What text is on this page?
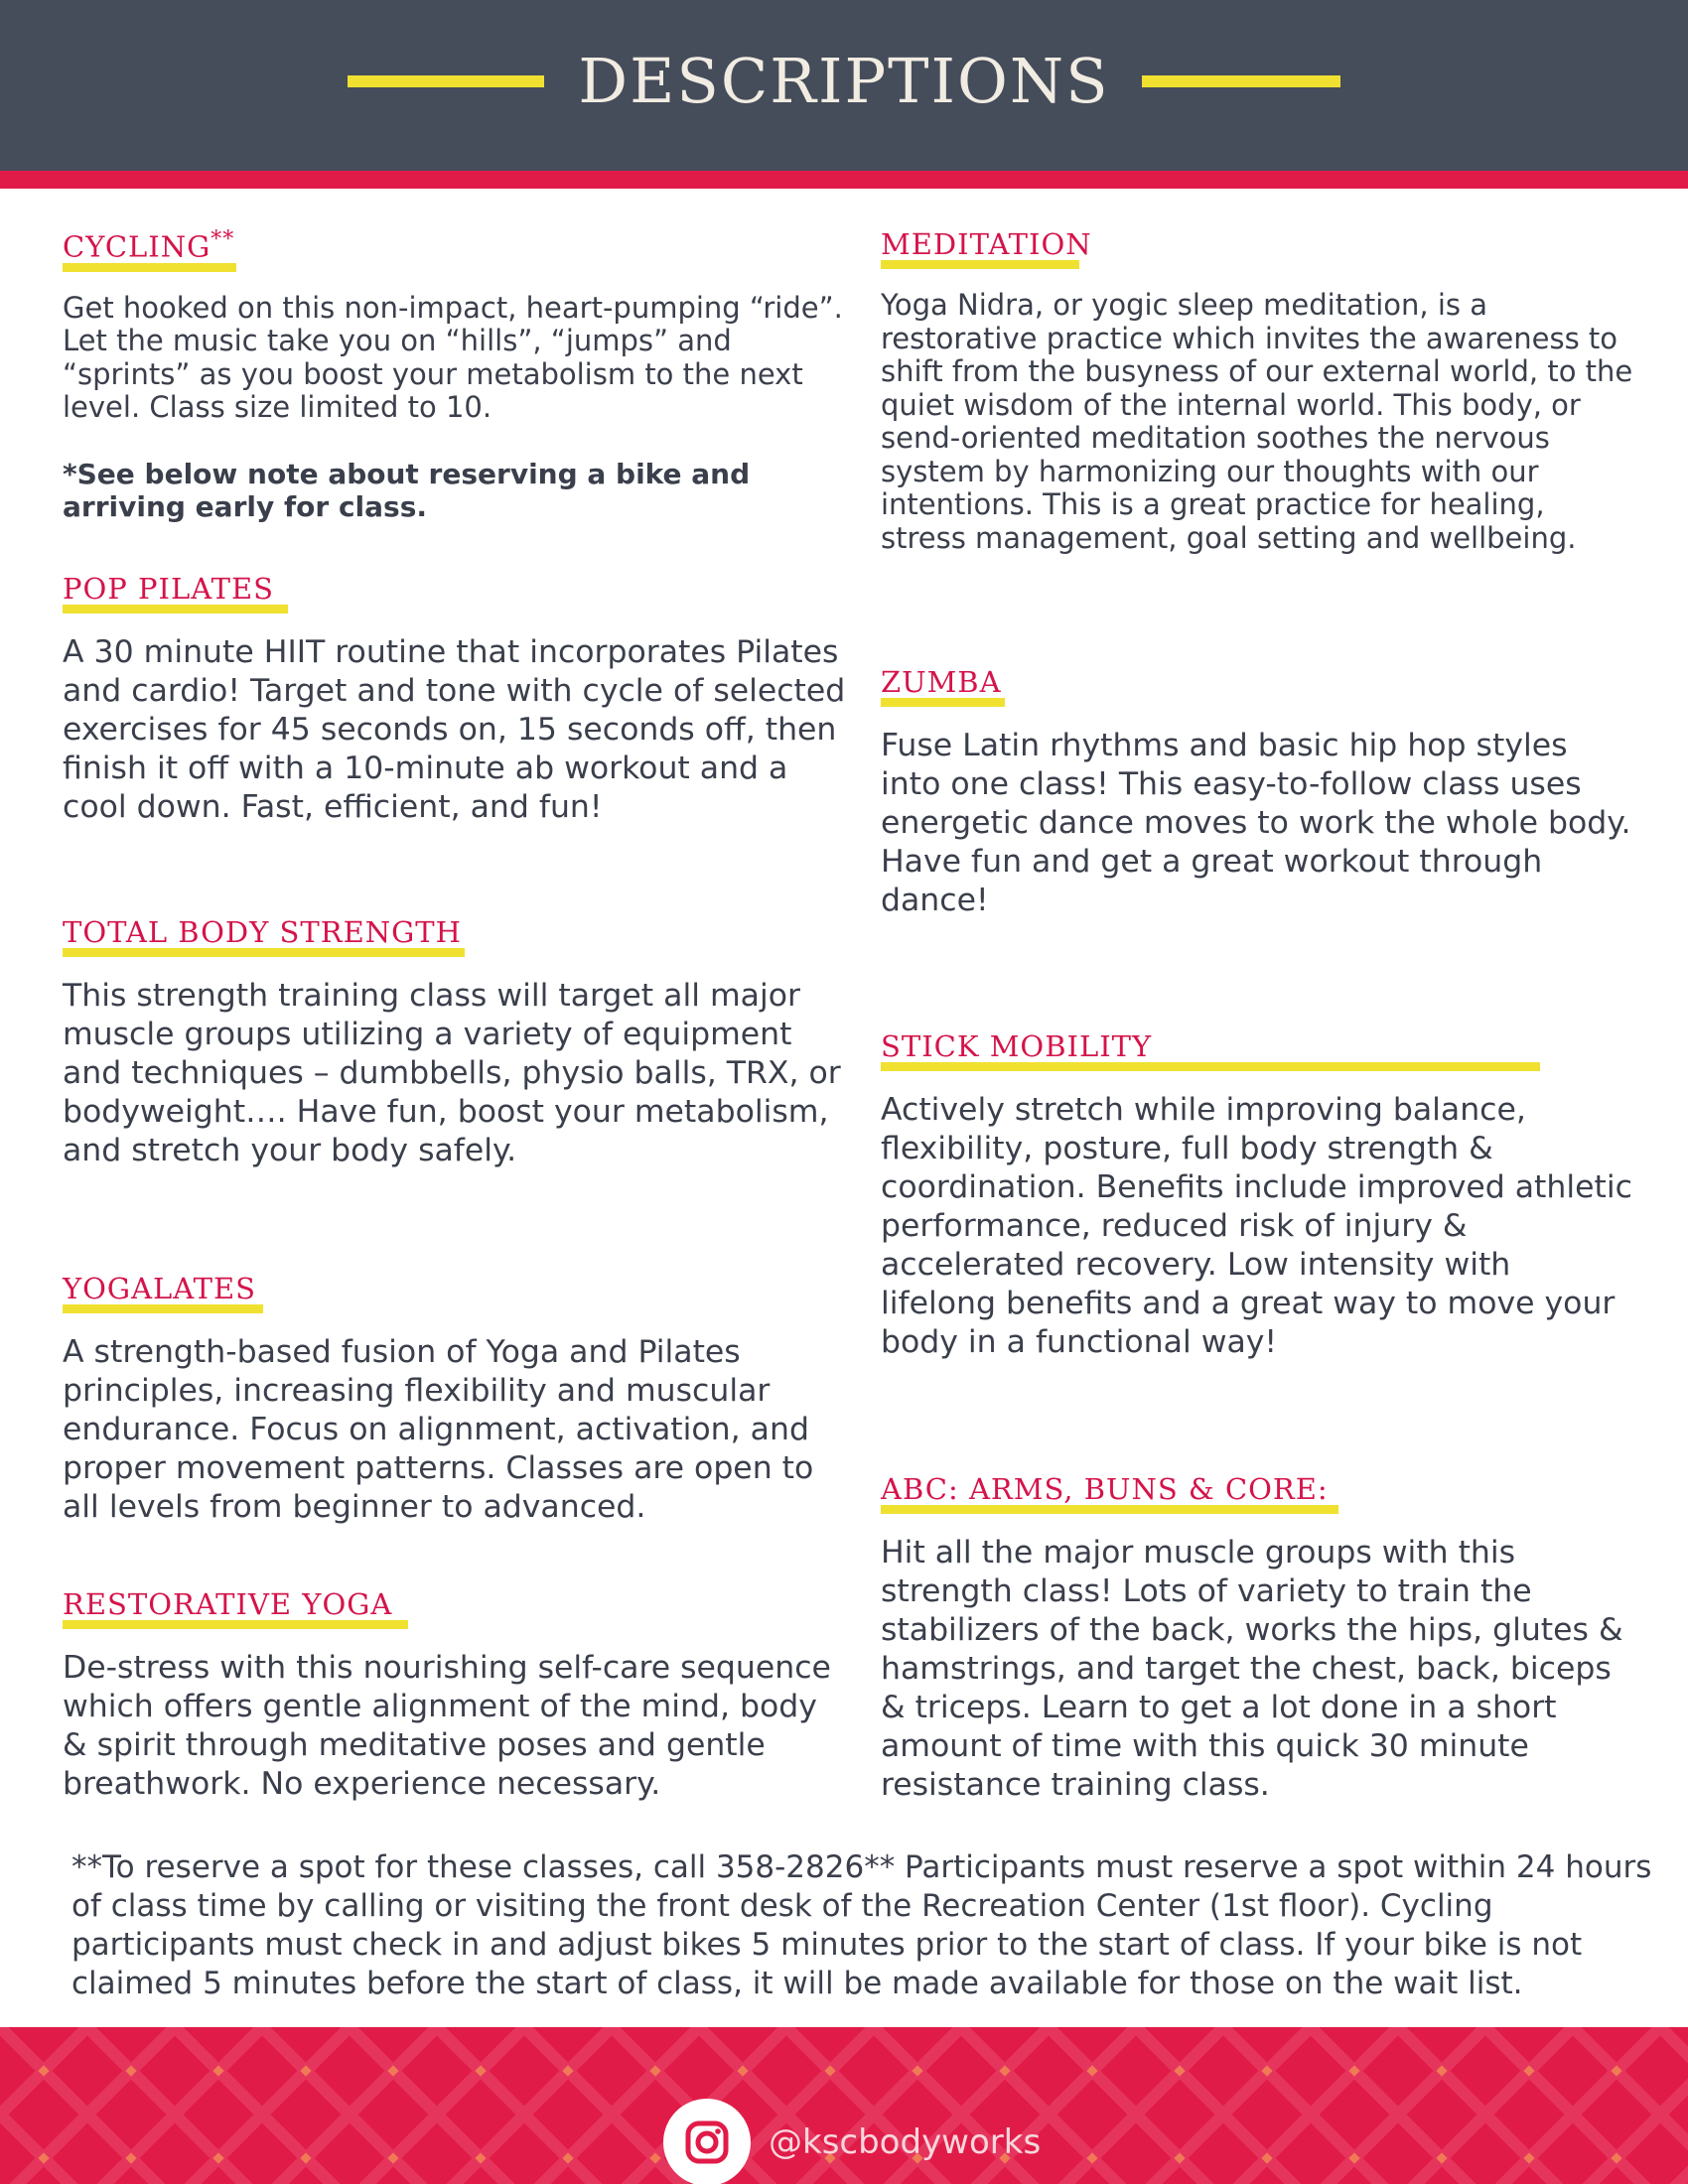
DESCRIPTIONS
CYCLING**
Get hooked on this non-impact, heart-pumping “ride”. Let the music take you on “hills”, “jumps” and “sprints” as you boost your metabolism to the next level. Class size limited to 10.
*See below note about reserving a bike and arriving early for class.
POP PILATES
A 30 minute HIIT routine that incorporates Pilates and cardio! Target and tone with cycle of selected exercises for 45 seconds on, 15 seconds off, then finish it off with a 10-minute ab workout and a cool down. Fast, efficient, and fun!
TOTAL BODY STRENGTH
This strength training class will target all major muscle groups utilizing a variety of equipment and techniques – dumbbells, physio balls, TRX, or bodyweight…. Have fun, boost your metabolism, and stretch your body safely.
YOGALATES
A strength-based fusion of Yoga and Pilates principles, increasing flexibility and muscular endurance. Focus on alignment, activation, and proper movement patterns. Classes are open to all levels from beginner to advanced.
RESTORATIVE YOGA
De-stress with this nourishing self-care sequence which offers gentle alignment of the mind, body & spirit through meditative poses and gentle breathwork. No experience necessary.
MEDITATION
Yoga Nidra, or yogic sleep meditation, is a restorative practice which invites the awareness to shift from the busyness of our external world, to the quiet wisdom of the internal world. This body, or send-oriented meditation soothes the nervous system by harmonizing our thoughts with our intentions. This is a great practice for healing, stress management, goal setting and wellbeing.
ZUMBA
Fuse Latin rhythms and basic hip hop styles into one class! This easy-to-follow class uses energetic dance moves to work the whole body. Have fun and get a great workout through dance!
STICK MOBILITY
Actively stretch while improving balance, flexibility, posture, full body strength & coordination. Benefits include improved athletic performance, reduced risk of injury & accelerated recovery. Low intensity with lifelong benefits and a great way to move your body in a functional way!
ABC: ARMS, BUNS & CORE:
Hit all the major muscle groups with this strength class! Lots of variety to train the stabilizers of the back, works the hips, glutes & hamstrings, and target the chest, back, biceps & triceps. Learn to get a lot done in a short amount of time with this quick 30 minute resistance training class.
**To reserve a spot for these classes, call 358-2826** Participants must reserve a spot within 24 hours of class time by calling or visiting the front desk of the Recreation Center (1st floor). Cycling participants must check in and adjust bikes 5 minutes prior to the start of class. If your bike is not claimed 5 minutes before the start of class, it will be made available for those on the wait list.
@kscbodyworks
